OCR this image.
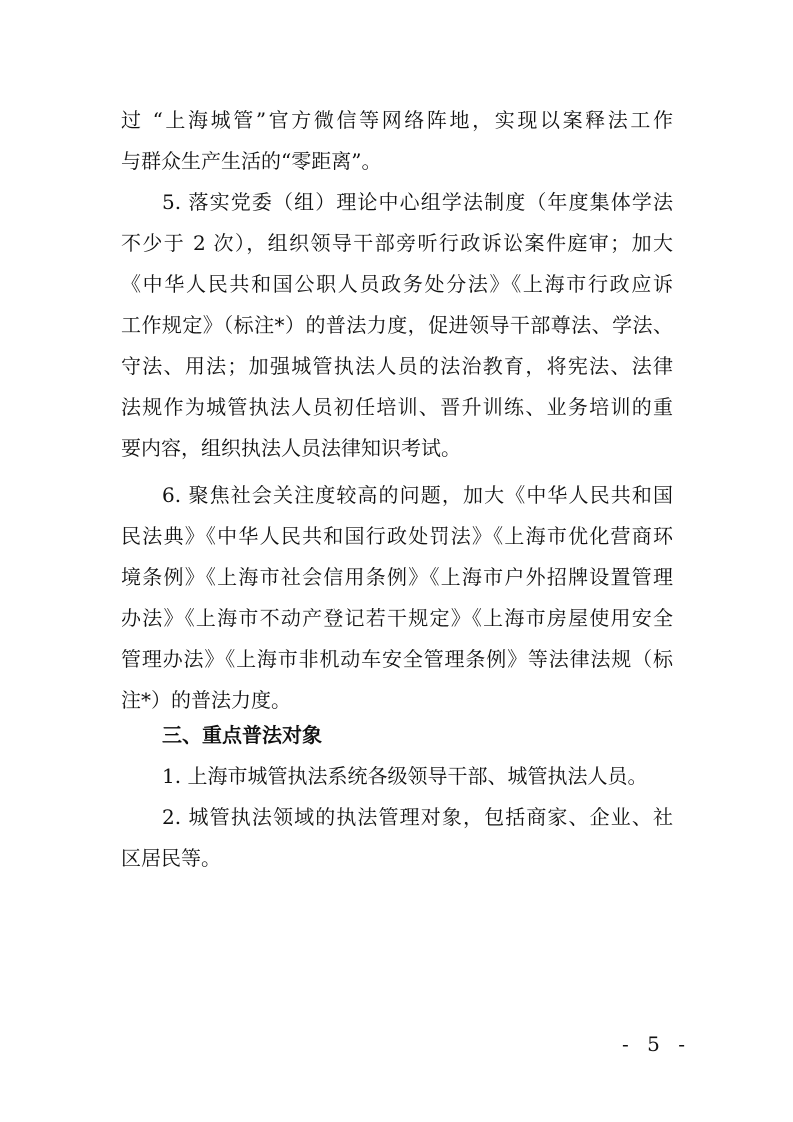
过 “上海城管”官方微信等网络阵地，实现以案释法工作
与群众生产生活的“零距离”。
5. 落实党委（组）理论中心组学法制度（年度集体学法
不少于 2 次），组织领导干部旁听行政诉讼案件庭审；加大
《中华人民共和国公职人员政务处分法》《上海市行政应诉
工作规定》（标注*）的普法力度，促进领导干部尊法、学法、
守法、用法；加强城管执法人员的法治教育，将宪法、法律
法规作为城管执法人员初任培训、晋升训练、业务培训的重
要内容，组织执法人员法律知识考试。
6. 聚焦社会关注度较高的问题，加大《中华人民共和国
民法典》《中华人民共和国行政处罚法》《上海市优化营商环
境条例》《上海市社会信用条例》《上海市户外招牌设置管理
办法》《上海市不动产登记若干规定》《上海市房屋使用安全
管理办法》《上海市非机动车安全管理条例》等法律法规（标
注*）的普法力度。
三、重点普法对象
1. 上海市城管执法系统各级领导干部、城管执法人员。
2. 城管执法领域的执法管理对象，包括商家、企业、社
区居民等。
- 5 -
